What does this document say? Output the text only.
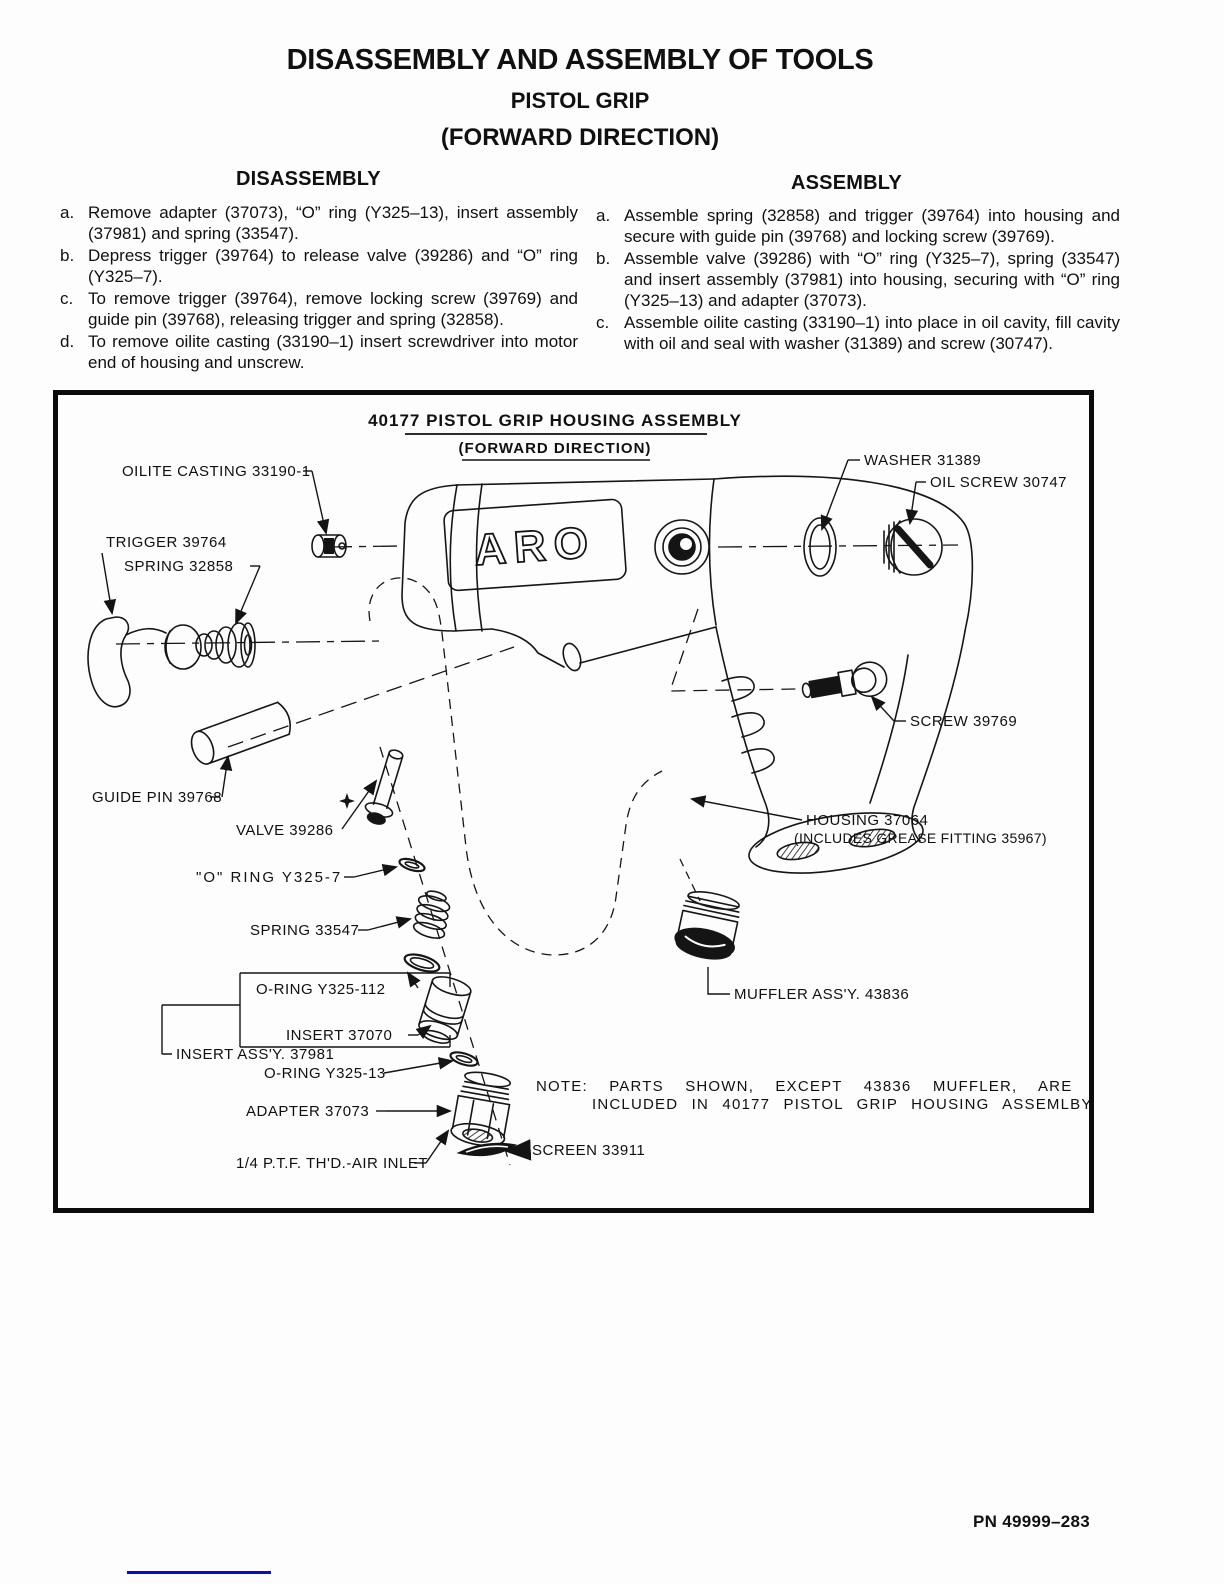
DISASSEMBLY AND ASSEMBLY OF TOOLS
PISTOL GRIP
(FORWARD DIRECTION)
DISASSEMBLY	ASSEMBLY
a. Remove adapter (37073), “O” ring (Y325–13), insert assembly (37981) and spring (33547).
b. Depress trigger (39764) to release valve (39286) and “O” ring (Y325–7).
c. To remove trigger (39764), remove locking screw (39769) and guide pin (39768), releasing trigger and spring (32858).
d. To remove oilite casting (33190–1) insert screwdriver into motor end of housing and unscrew.
a. Assemble spring (32858) and trigger (39764) into housing and secure with guide pin (39768) and locking screw (39769).
b. Assemble valve (39286) with “O” ring (Y325–7), spring (33547) and insert assembly (37981) into housing, securing with “O” ring (Y325–13) and adapter (37073).
c. Assemble oilite casting (33190–1) into place in oil cavity, fill cavity with oil and seal with washer (31389) and screw (30747).
40177 PISTOL GRIP HOUSING ASSEMBLY
(FORWARD DIRECTION)
ARO
OILITE CASTING 33190-1
TRIGGER 39764
SPRING 32858
WASHER 31389
OIL SCREW 30747
SCREW 39769
GUIDE PIN 39768
VALVE 39286
"O" RING Y325-7
SPRING 33547
O-RING Y325-112
INSERT 37070
INSERT ASS'Y. 37981
O-RING Y325-13
ADAPTER 37073
SCREEN 33911
1/4 P.T.F. TH'D.-AIR INLET
HOUSING 37064
(INCLUDES GREASE FITTING 35967)
MUFFLER ASS'Y. 43836
NOTE: PARTS SHOWN, EXCEPT 43836 MUFFLER, ARE
INCLUDED IN 40177 PISTOL GRIP HOUSING ASSEMLBY.
PN 49999–283
